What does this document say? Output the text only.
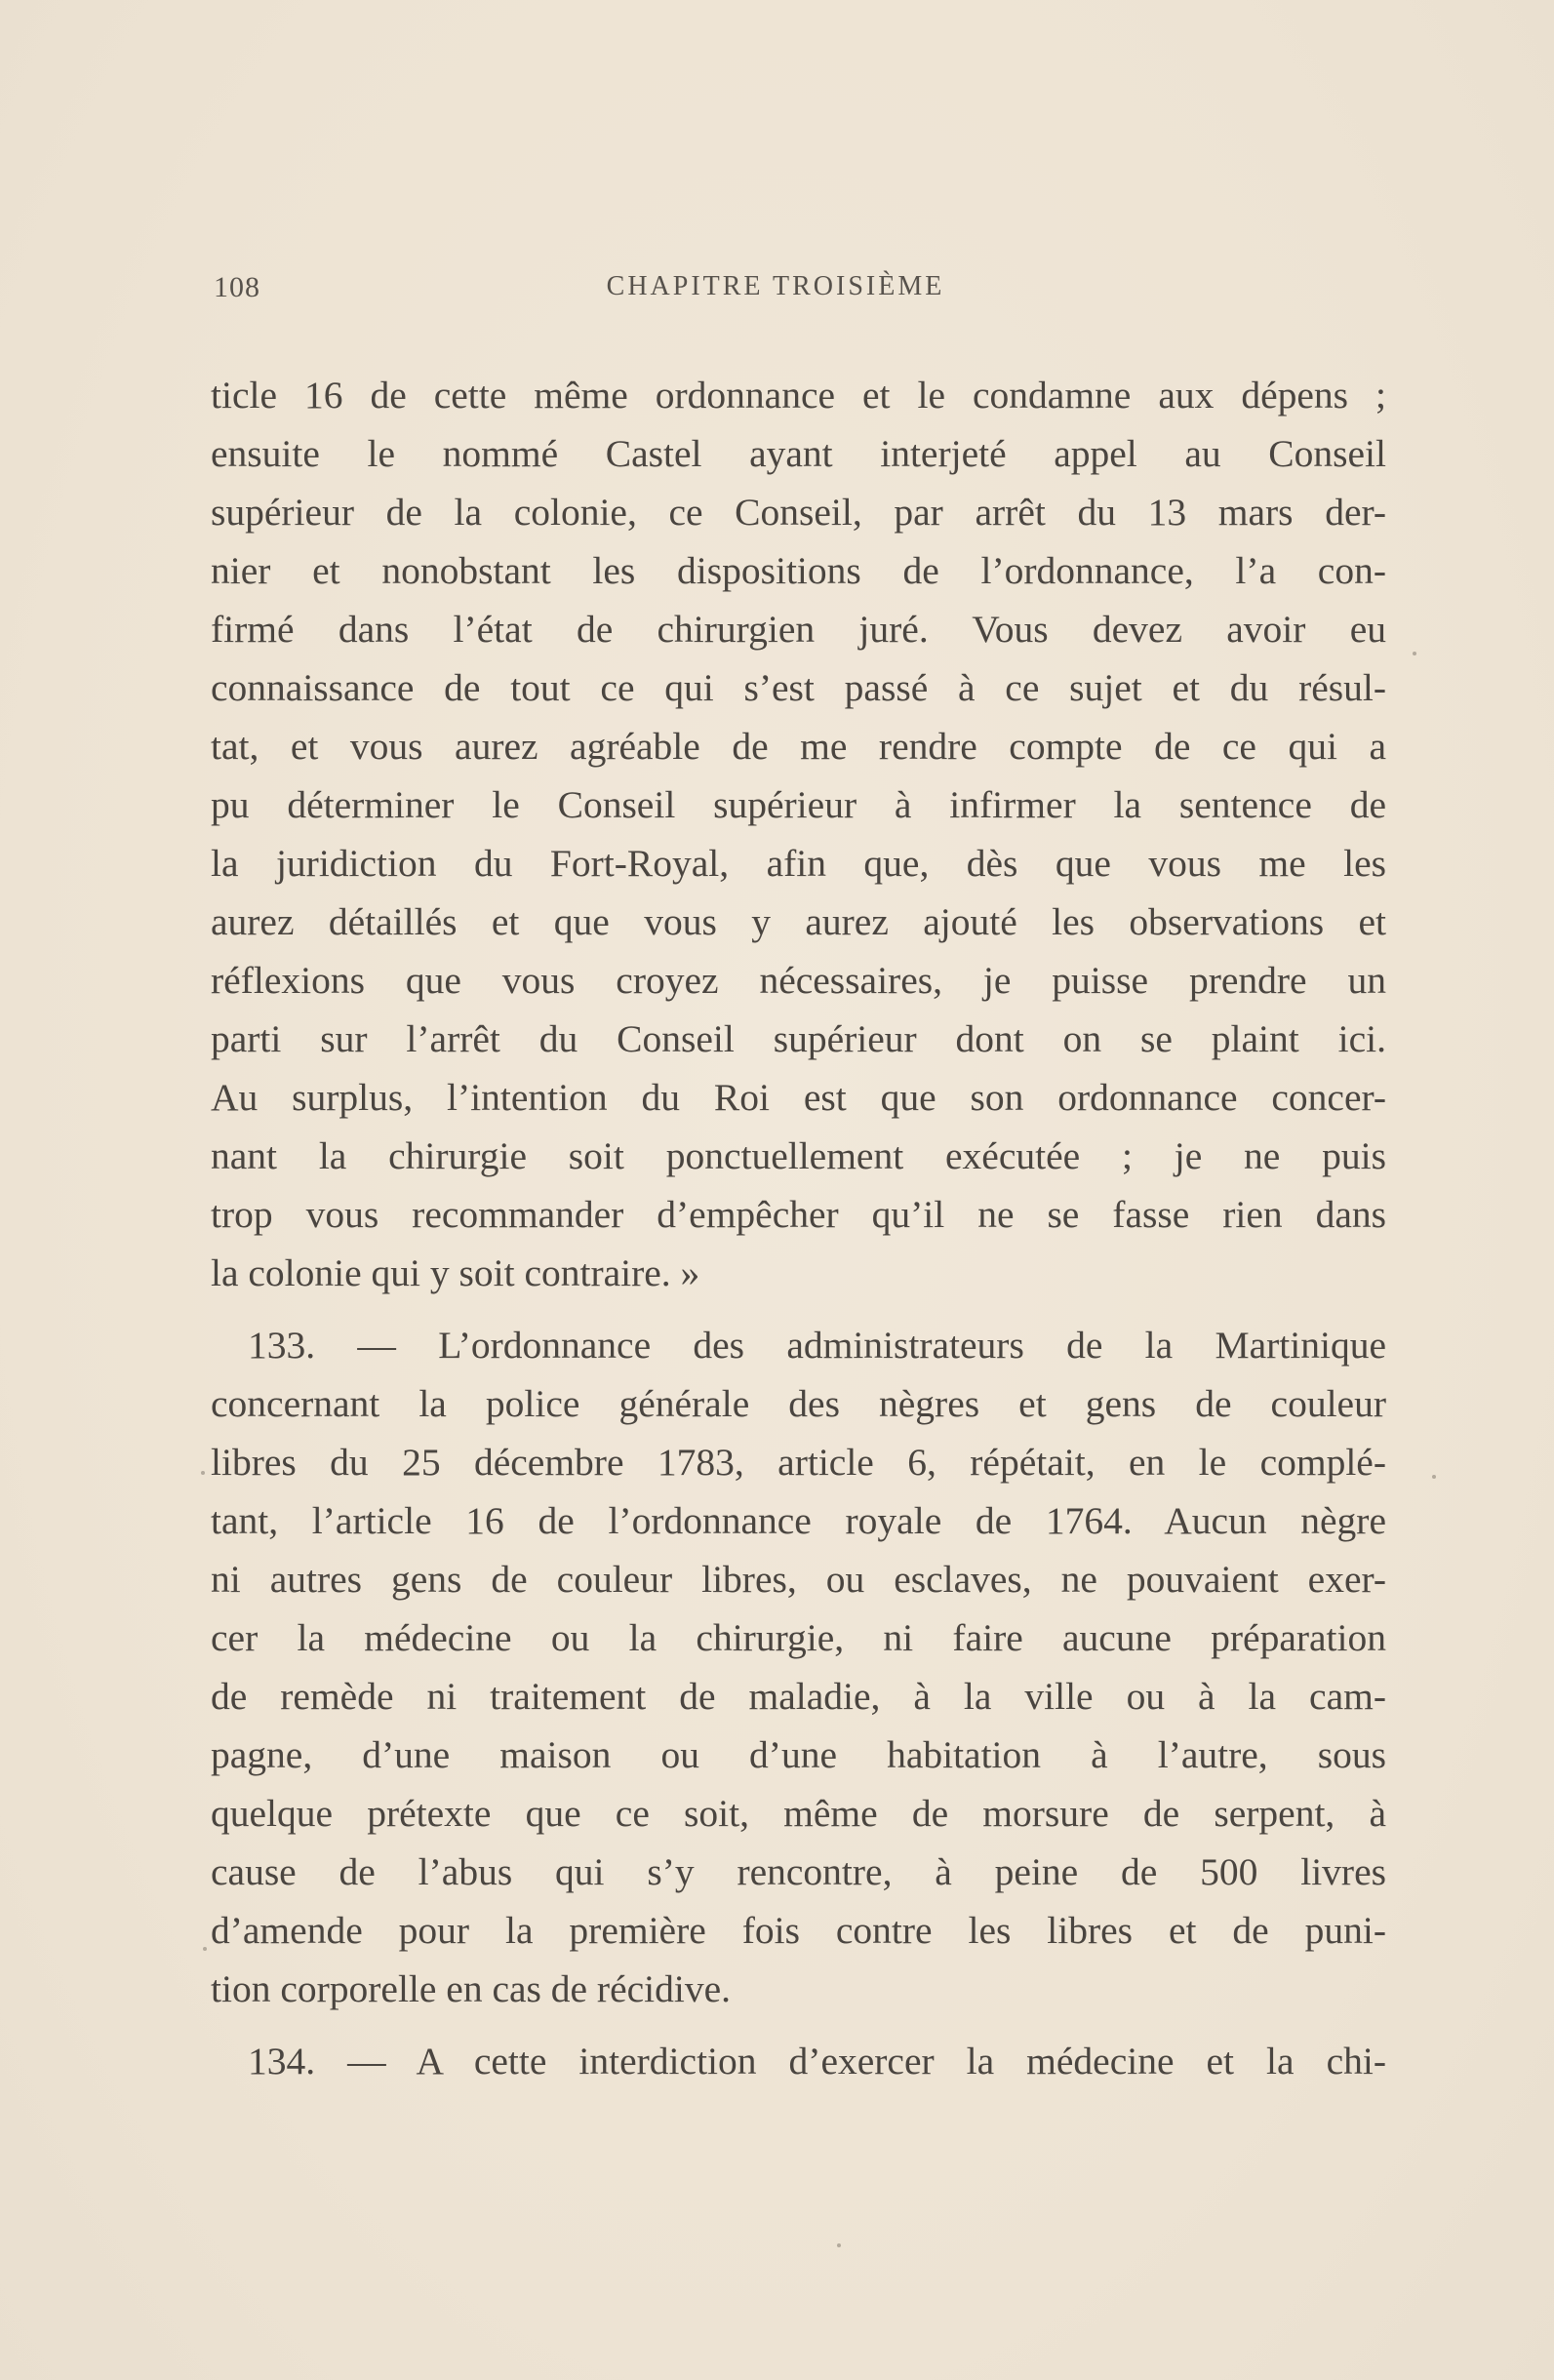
108	CHAPITRE TROISIÈME
ticle 16 de cette même ordonnance et le condamne aux dépens ;
ensuite le nommé Castel ayant interjeté appel au Conseil
supérieur de la colonie, ce Conseil, par arrêt du 13 mars der-
nier et nonobstant les dispositions de l’ordonnance, l’a con-
firmé dans l’état de chirurgien juré. Vous devez avoir eu
connaissance de tout ce qui s’est passé à ce sujet et du résul-
tat, et vous aurez agréable de me rendre compte de ce qui a
pu déterminer le Conseil supérieur à infirmer la sentence de
la juridiction du Fort-Royal, afin que, dès que vous me les
aurez détaillés et que vous y aurez ajouté les observations et
réflexions que vous croyez nécessaires, je puisse prendre un
parti sur l’arrêt du Conseil supérieur dont on se plaint ici.
Au surplus, l’intention du Roi est que son ordonnance concer-
nant la chirurgie soit ponctuellement exécutée ; je ne puis
trop vous recommander d’empêcher qu’il ne se fasse rien dans
la colonie qui y soit contraire. »
133. — L’ordonnance des administrateurs de la Martinique
concernant la police générale des nègres et gens de couleur
libres du 25 décembre 1783, article 6, répétait, en le complé-
tant, l’article 16 de l’ordonnance royale de 1764. Aucun nègre
ni autres gens de couleur libres, ou esclaves, ne pouvaient exer-
cer la médecine ou la chirurgie, ni faire aucune préparation
de remède ni traitement de maladie, à la ville ou à la cam-
pagne, d’une maison ou d’une habitation à l’autre, sous
quelque prétexte que ce soit, même de morsure de serpent, à
cause de l’abus qui s’y rencontre, à peine de 500 livres
d’amende pour la première fois contre les libres et de puni-
tion corporelle en cas de récidive.
134. — A cette interdiction d’exercer la médecine et la chi-
